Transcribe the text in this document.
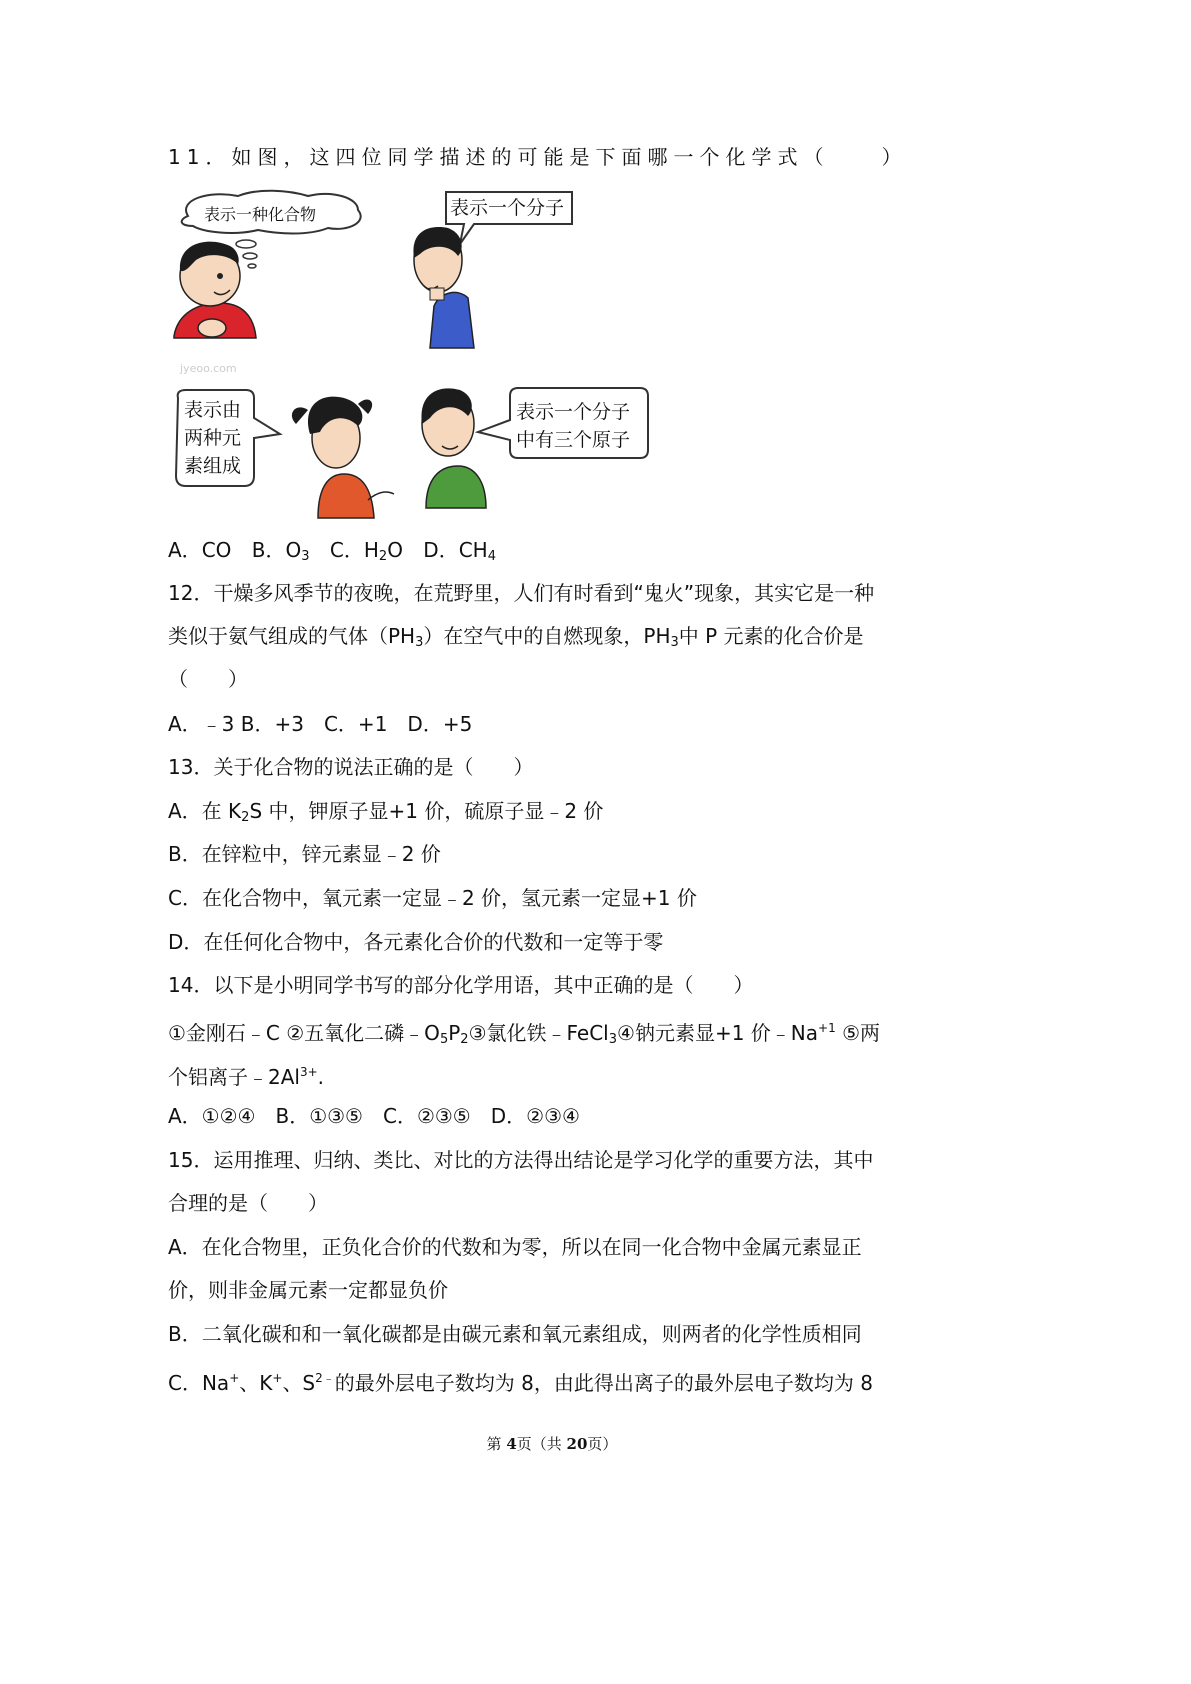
11．如图，这四位同学描述的可能是下面哪一个化学式（　　）
表示一种化合物
jyeoo.com
表示一个分子
表示由
两种元
素组成
表示一个分子
中有三个原子
A．CO B．$O_3$ C．$H_2O$ D．$CH_4$
12．干燥多风季节的夜晚，在荒野里，人们有时看到“鬼火”现象，其实它是一种
类似于氨气组成的气体$(PH_3)$在空气中的自燃现象，$PH_3$中 P 元素的化合价是
（　　）
A．﹣3 B．+3　C．+1　D．+5
13．关于化合物的说法正确的是（　　）
A．在 $K_2S$ 中，钾原子显+1 价，硫原子显﹣2 价
B．在锌粒中，锌元素显﹣2 价
C．在化合物中，氧元素一定显﹣2 价，氢元素一定显+1 价
D．在任何化合物中，各元素化合价的代数和一定等于零
14．以下是小明同学书写的部分化学用语，其中正确的是（　　）
①金刚石﹣C ②五氧化二磷$﹣O_5P_2③$氯化铁﹣FeCl$_3$④钠元素显+1 价$﹣Na^{+1}$ ⑤两
个铝离子$﹣2Al^{3+}$.
A．①②④　B．①③⑤　C．②③⑤　D．②③④
15．运用推理、归纳、类比、对比的方法得出结论是学习化学的重要方法，其中
合理的是（　　）
A．在化合物里，正负化合价的代数和为零，所以在同一化合物中金属元素显正
价，则非金属元素一定都显负价
B．二氧化碳和和一氧化碳都是由碳元素和氧元素组成，则两者的化学性质相同
C．Na+、K+、$S^{2﹣}$的最外层电子数均为 8，由此得出离子的最外层电子数均为 8
第 4页（共 20页）
